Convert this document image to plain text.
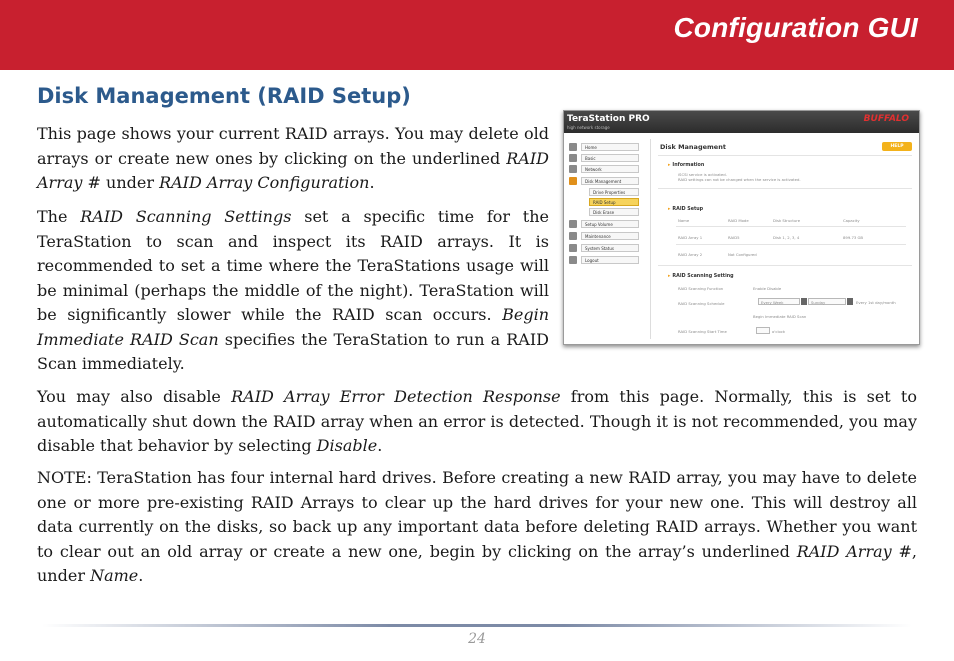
Configuration GUI
Disk Management (RAID Setup)

This page shows your current RAID arrays. You may delete old arrays or create new ones by clicking on the underlined RAID Array # under RAID Array Configuration.

The RAID Scanning Settings set a specific time for the TeraStation to scan and inspect its RAID arrays. It is recommended to set a time where the TeraStations usage will be minimal (perhaps the middle of the night). TeraStation will be significantly slower while the RAID scan occurs. Begin Immediate RAID Scan specifies the TeraStation to run a RAID Scan immediately.

You may also disable RAID Array Error Detection Response from this page. Normally, this is set to automatically shut down the RAID array when an error is detected. Though it is not recommended, you may disable that behavior by selecting Disable.

NOTE: TeraStation has four internal hard drives. Before creating a new RAID array, you may have to delete one or more pre-existing RAID Arrays to clear up the hard drives for your new one. This will destroy all data currently on the disks, so back up any important data before deleting RAID arrays. Whether you want to clear out an old array or create a new one, begin by clicking on the array’s underlined RAID Array #, under Name.

TeraStation PRO
high network storage
BUFFALO
Home
Basic
Network
Disk Management
Drive Properties
RAID Setup
Disk Erase
Setup Volume
Maintenance
System Status
Logout
Disk Management	HELP
▸ Information
iSCSI service is activated.
RAID settings can not be changed when the service is activated.
▸ RAID Setup
Name	RAID Mode	Disk Structure	Capacity
RAID Array 1	RAID5	Disk 1, 2, 3, 4	899.73 GB
RAID Array 2	Not Configured
▸ RAID Scanning Setting
RAID Scanning Function	Enable Disable
RAID Scanning Schedule	Every Week	Sunday	Every 1st day/month
Begin Immediate RAID Scan
RAID Scanning Start Time	o'clock
24
